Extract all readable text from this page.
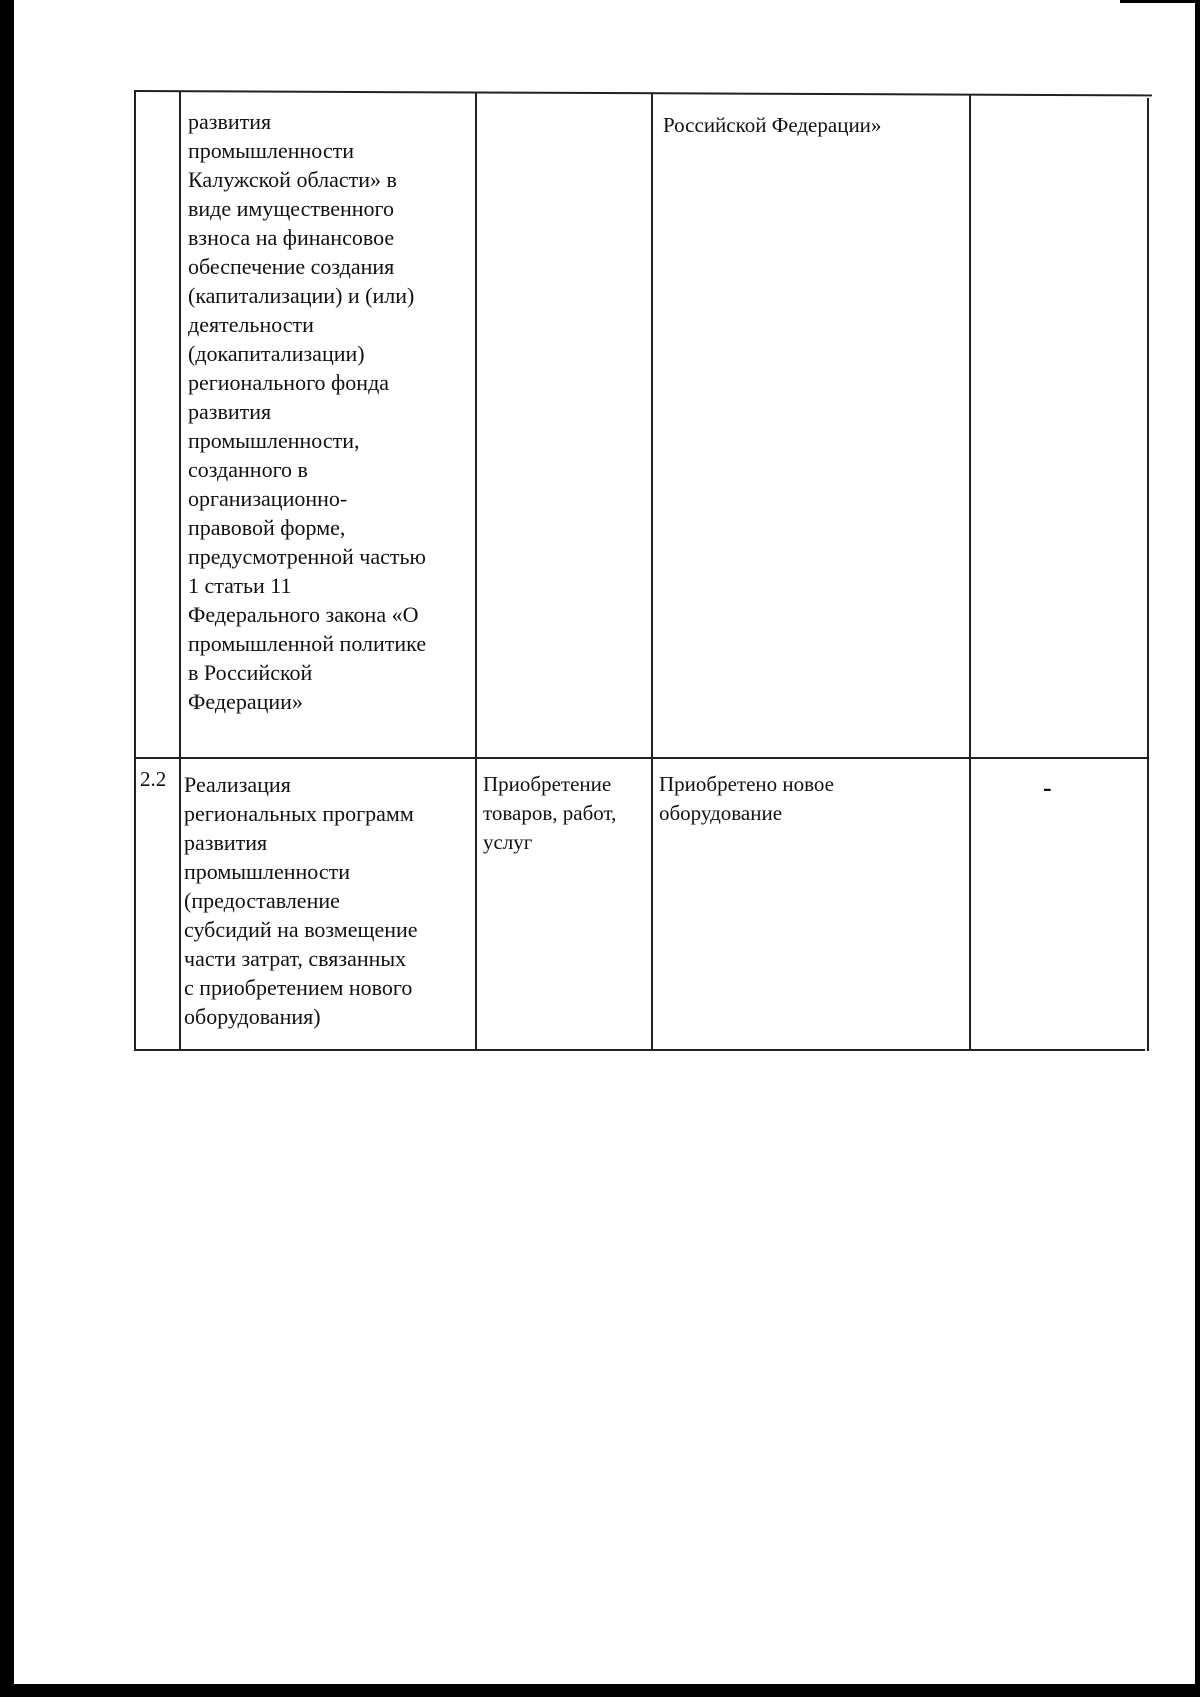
развития
промышленности
Калужской области» в
виде имущественного
взноса на финансовое
обеспечение создания
(капитализации) и (или)
деятельности
(докапитализации)
регионального фонда
развития
промышленности,
созданного в
организационно-
правовой форме,
предусмотренной частью
1 статьи 11
Федерального закона «О
промышленной политике
в Российской
Федерации»
Российской Федерации»
2.2 Реализация
региональных программ
развития
промышленности
(предоставление
субсидий на возмещение
части затрат, связанных
с приобретением нового
оборудования)
Приобретение
товаров, работ,
услуг
Приобретено новое
оборудование
-
